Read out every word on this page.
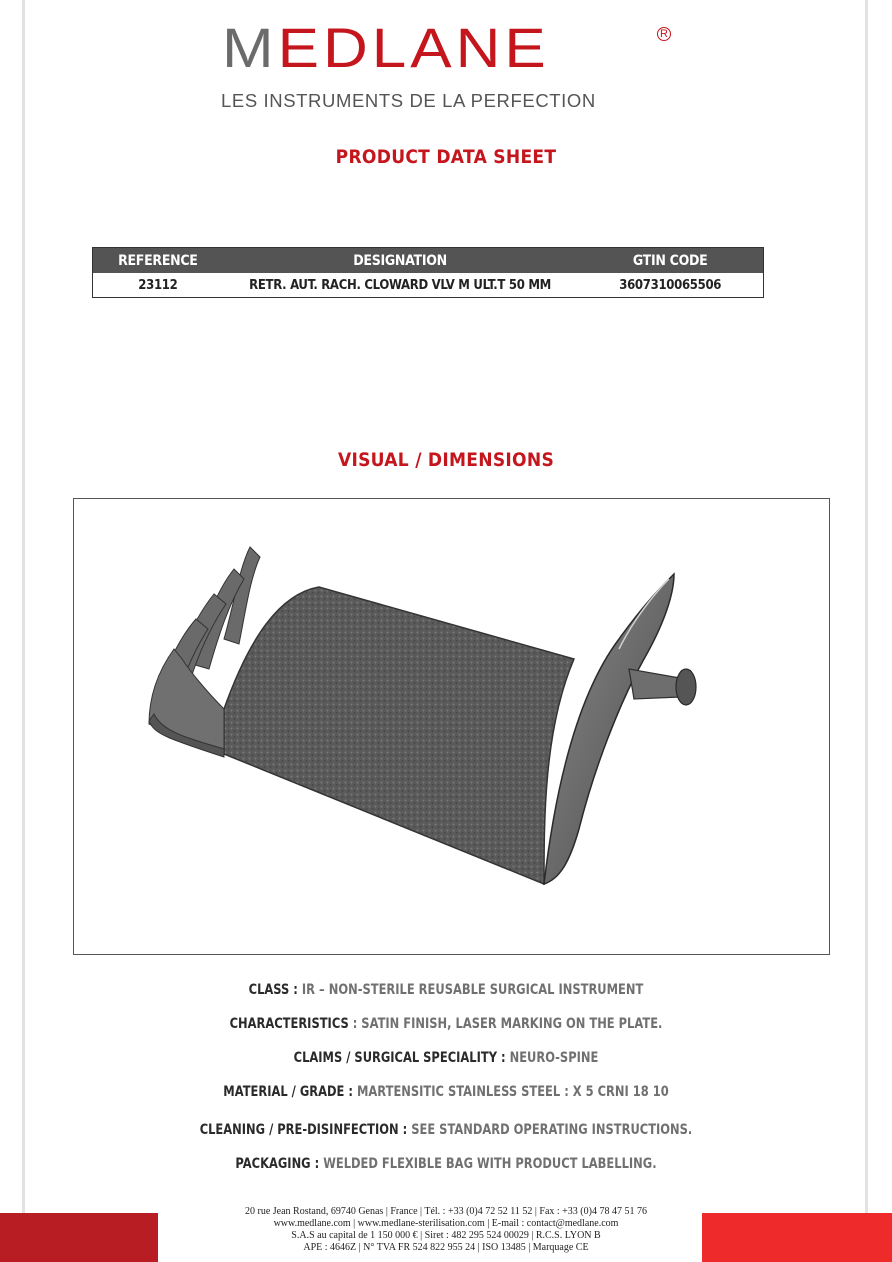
MEDLANE	R
LES INSTRUMENTS DE LA PERFECTION
PRODUCT DATA SHEET
REFERENCE	DESIGNATION	GTIN CODE
23112	RETR. AUT. RACH. CLOWARD VLV M ULT.T 50 MM	3607310065506
VISUAL / DIMENSIONS
CLASS : IR – NON-STERILE REUSABLE SURGICAL INSTRUMENT
CHARACTERISTICS : SATIN FINISH, LASER MARKING ON THE PLATE.
CLAIMS / SURGICAL SPECIALITY : NEURO-SPINE
MATERIAL / GRADE : MARTENSITIC STAINLESS STEEL : X 5 CRNI 18 10
CLEANING / PRE-DISINFECTION : SEE STANDARD OPERATING INSTRUCTIONS.
PACKAGING : WELDED FLEXIBLE BAG WITH PRODUCT LABELLING.
20 rue Jean Rostand, 69740 Genas | France | Tél. : +33 (0)4 72 52 11 52 | Fax : +33 (0)4 78 47 51 76
www.medlane.com | www.medlane-sterilisation.com | E-mail : contact@medlane.com
S.A.S au capital de 1 150 000 € | Siret : 482 295 524 00029 | R.C.S. LYON B
APE : 4646Z | N° TVA FR 524 822 955 24 | ISO 13485 | Marquage CE
